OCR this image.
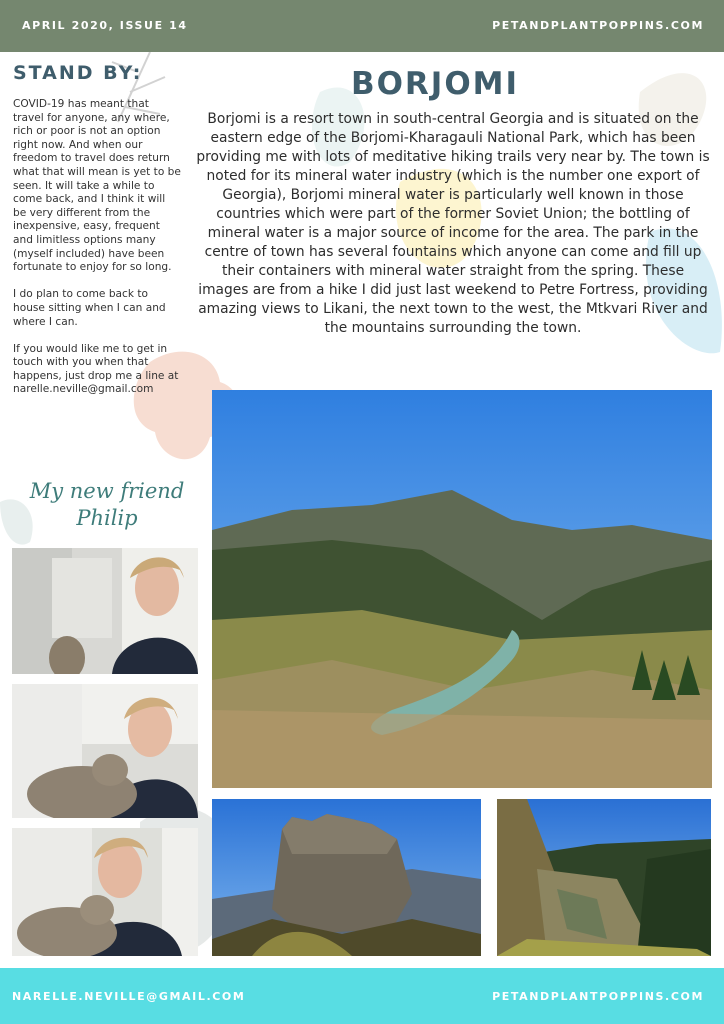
APRIL 2020, ISSUE 14	PETANDPLANTPOPPINS.COM
STAND BY:

COVID-19 has meant that travel for anyone, any where, rich or poor is not an option right now. And when our freedom to travel does return what that will mean is yet to be seen. It will take a while to come back, and I think it will be very different from the inexpensive, easy, frequent and limitless options many (myself included) have been fortunate to enjoy for so long.

I do plan to come back to house sitting when I can and where I can.

If you would like me to get in touch with you when that happens, just drop me a line at narelle.neville@gmail.com

My new friend Philip
BORJOMI
Borjomi is a resort town in south-central Georgia and is situated on the eastern edge of the Borjomi-Kharagauli National Park, which has been providing me with lots of meditative hiking trails very near by. The town is noted for its mineral water industry (which is the number one export of Georgia), Borjomi mineral water is particularly well known in those countries which were part of the former Soviet Union; the bottling of mineral water is a major source of income for the area. The park in the centre of town has several fountains which anyone can come and fill up their containers with mineral water straight from the spring. These images are from a hike I did just last weekend to Petre Fortress, providing amazing views to Likani, the next town to the west, the Mtkvari River and the mountains surrounding the town.
NARELLE.NEVILLE@GMAIL.COM	PETANDPLANTPOPPINS.COM
